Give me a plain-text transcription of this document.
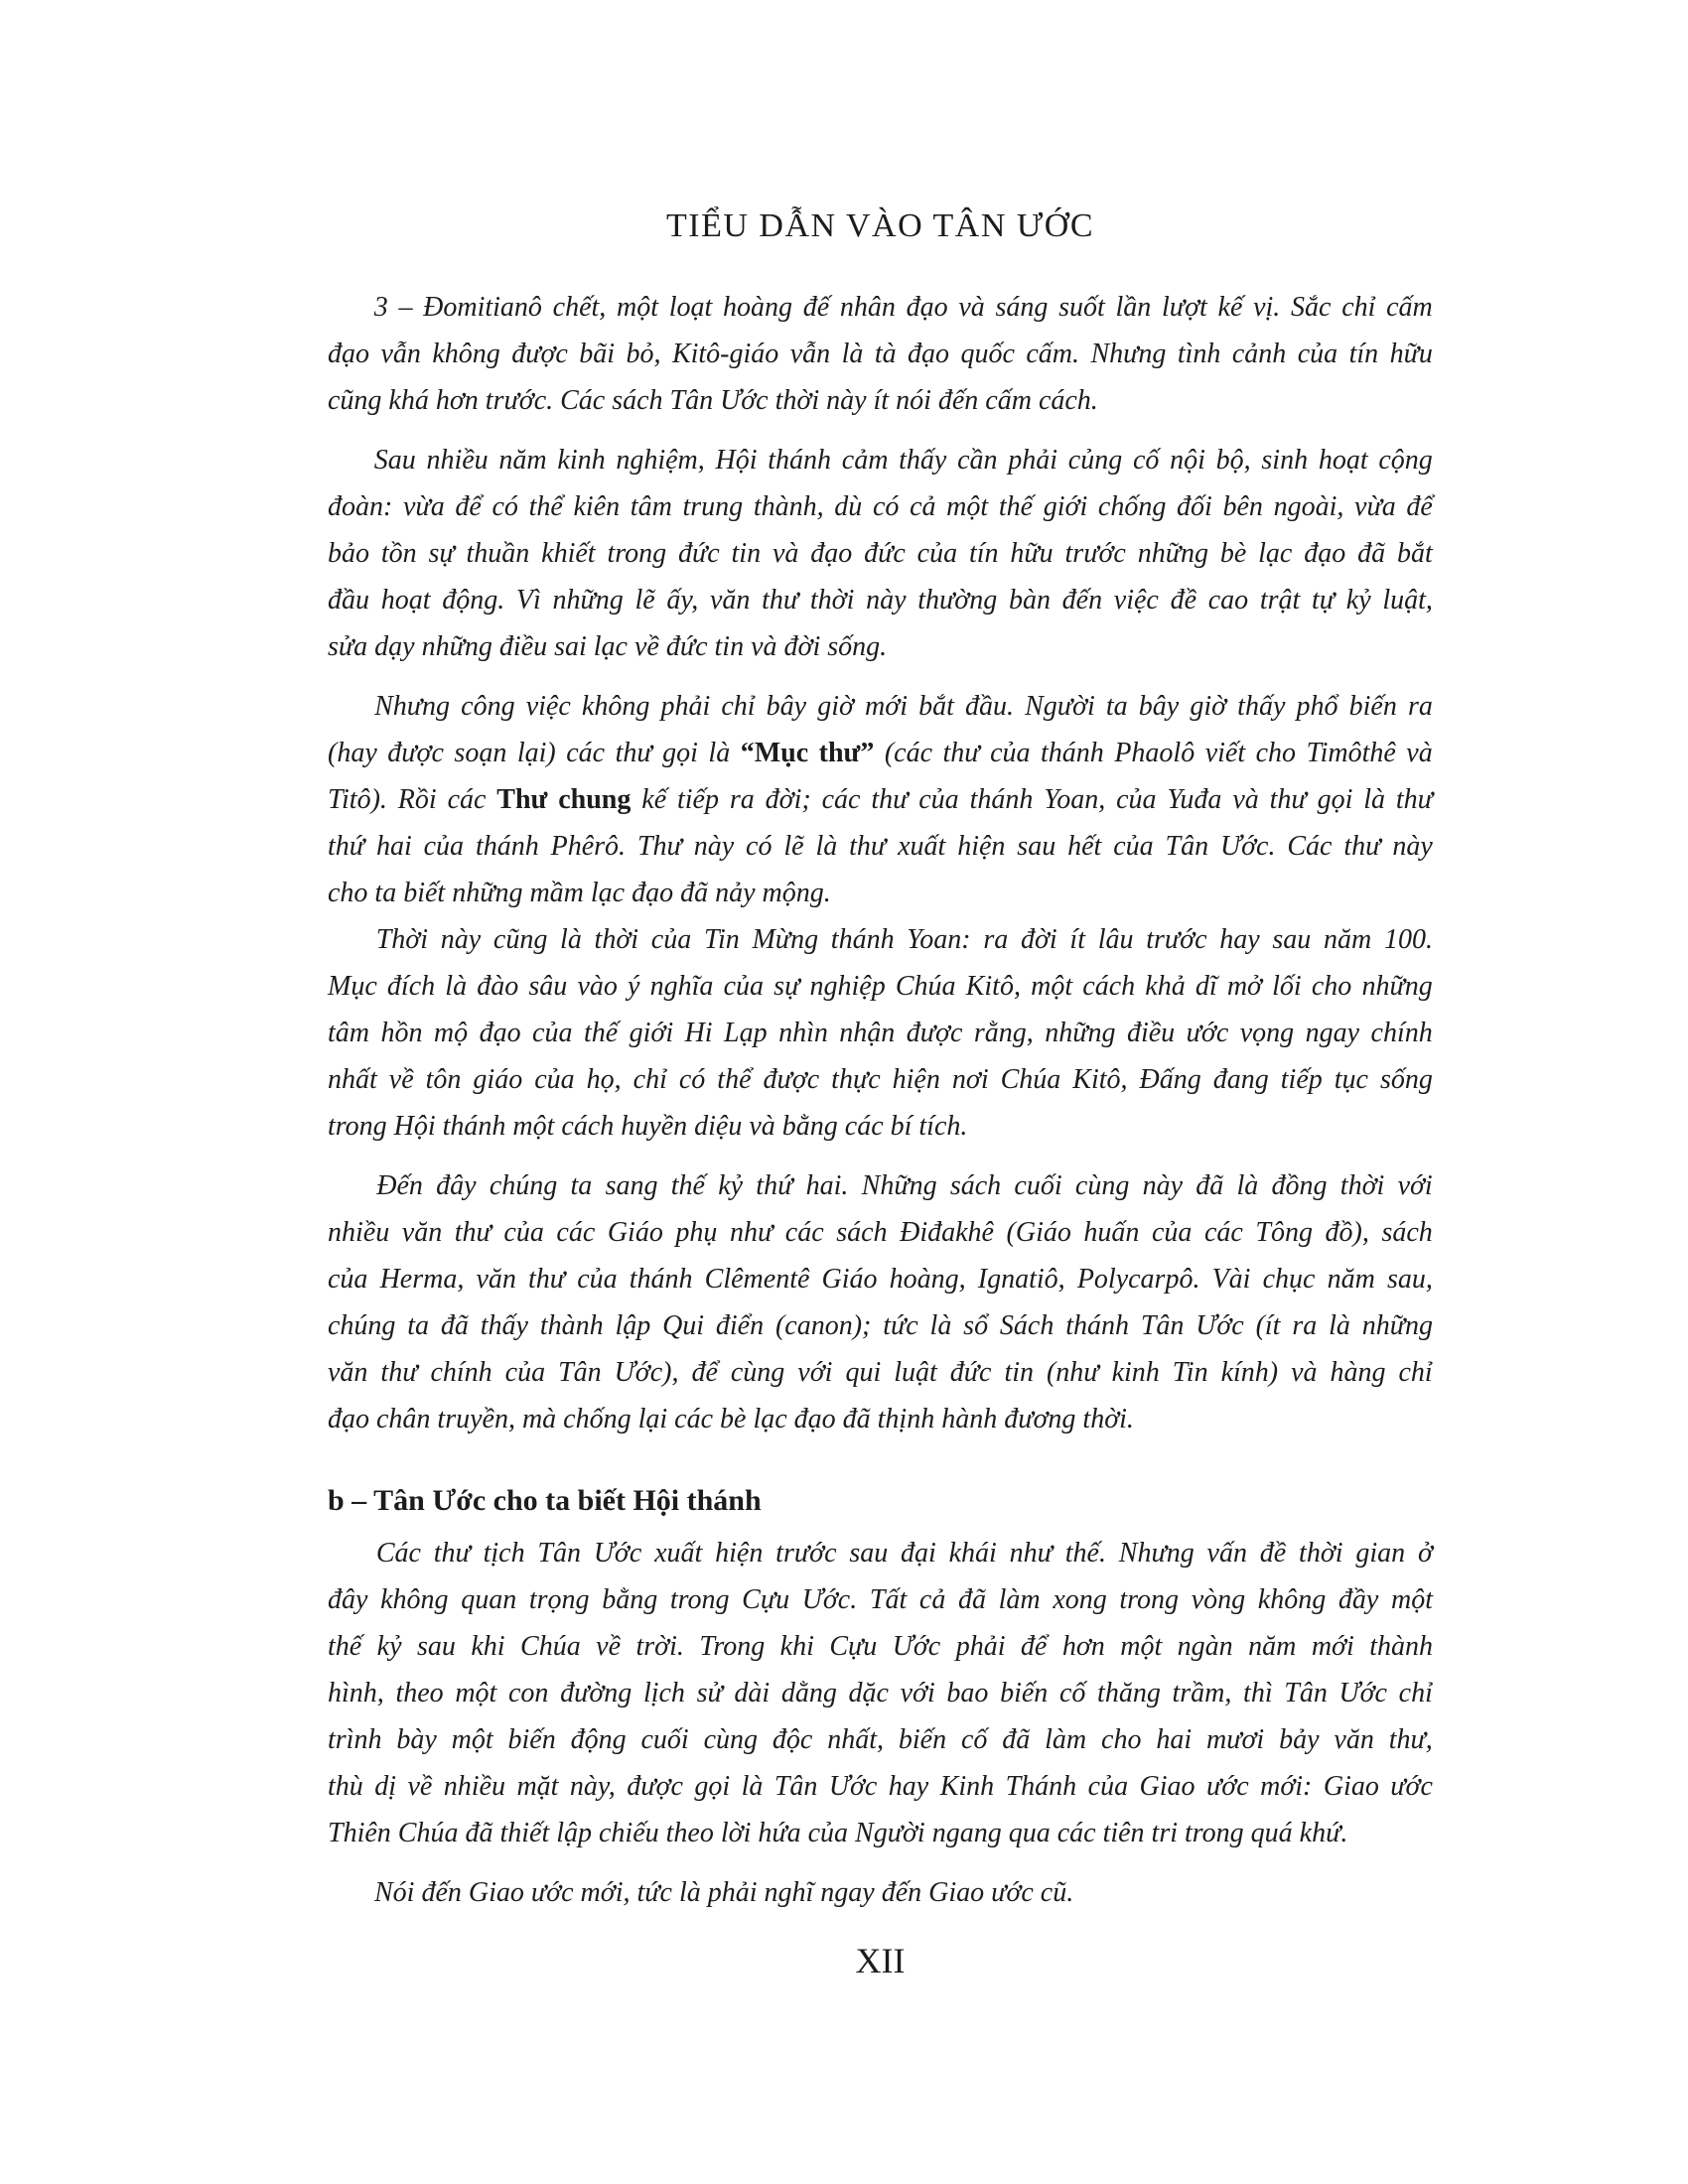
TIỂU DẪN VÀO TÂN ƯỚC
3 – Đomitianô chết, một loạt hoàng đế nhân đạo và sáng suốt lần lượt kế vị. Sắc chỉ cấm
đạo vẫn không được bãi bỏ, Kitô-giáo vẫn là tà đạo quốc cấm. Nhưng tình cảnh của tín hữu
cũng khá hơn trước. Các sách Tân Ước thời này ít nói đến cấm cách.
Sau nhiều năm kinh nghiệm, Hội thánh cảm thấy cần phải củng cố nội bộ, sinh hoạt cộng
đoàn: vừa để có thể kiên tâm trung thành, dù có cả một thế giới chống đối bên ngoài, vừa để
bảo tồn sự thuần khiết trong đức tin và đạo đức của tín hữu trước những bè lạc đạo đã bắt
đầu hoạt động. Vì những lẽ ấy, văn thư thời này thường bàn đến việc đề cao trật tự kỷ luật,
sửa dạy những điều sai lạc về đức tin và đời sống.
Nhưng công việc không phải chỉ bây giờ mới bắt đầu. Người ta bây giờ thấy phổ biến ra
(hay được soạn lại) các thư gọi là “Mục thư” (các thư của thánh Phaolô viết cho Timôthê và
Titô). Rồi các Thư chung kế tiếp ra đời; các thư của thánh Yoan, của Yuđa và thư gọi là thư
thứ hai của thánh Phêrô. Thư này có lẽ là thư xuất hiện sau hết của Tân Ước. Các thư này
cho ta biết những mầm lạc đạo đã nảy mộng.
Thời này cũng là thời của Tin Mừng thánh Yoan: ra đời ít lâu trước hay sau năm 100.
Mục đích là đào sâu vào ý nghĩa của sự nghiệp Chúa Kitô, một cách khả dĩ mở lối cho những
tâm hồn mộ đạo của thế giới Hi Lạp nhìn nhận được rằng, những điều ước vọng ngay chính
nhất về tôn giáo của họ, chỉ có thể được thực hiện nơi Chúa Kitô, Đấng đang tiếp tục sống
trong Hội thánh một cách huyền diệu và bằng các bí tích.
Đến đây chúng ta sang thế kỷ thứ hai. Những sách cuối cùng này đã là đồng thời với
nhiều văn thư của các Giáo phụ như các sách Điđakhê (Giáo huấn của các Tông đồ), sách
của Herma, văn thư của thánh Clêmentê Giáo hoàng, Ignatiô, Polycarpô. Vài chục năm sau,
chúng ta đã thấy thành lập Qui điển (canon); tức là sổ Sách thánh Tân Ước (ít ra là những
văn thư chính của Tân Ước), để cùng với qui luật đức tin (như kinh Tin kính) và hàng chỉ
đạo chân truyền, mà chống lại các bè lạc đạo đã thịnh hành đương thời.
b – Tân Ước cho ta biết Hội thánh
Các thư tịch Tân Ước xuất hiện trước sau đại khái như thế. Nhưng vấn đề thời gian ở
đây không quan trọng bằng trong Cựu Ước. Tất cả đã làm xong trong vòng không đầy một
thế kỷ sau khi Chúa về trời. Trong khi Cựu Ước phải để hơn một ngàn năm mới thành
hình, theo một con đường lịch sử dài dằng dặc với bao biến cố thăng trầm, thì Tân Ước chỉ
trình bày một biến động cuối cùng độc nhất, biến cố đã làm cho hai mươi bảy văn thư,
thù dị về nhiều mặt này, được gọi là Tân Ước hay Kinh Thánh của Giao ước mới: Giao ước
Thiên Chúa đã thiết lập chiếu theo lời hứa của Người ngang qua các tiên tri trong quá khứ.
Nói đến Giao ước mới, tức là phải nghĩ ngay đến Giao ước cũ.
XII
